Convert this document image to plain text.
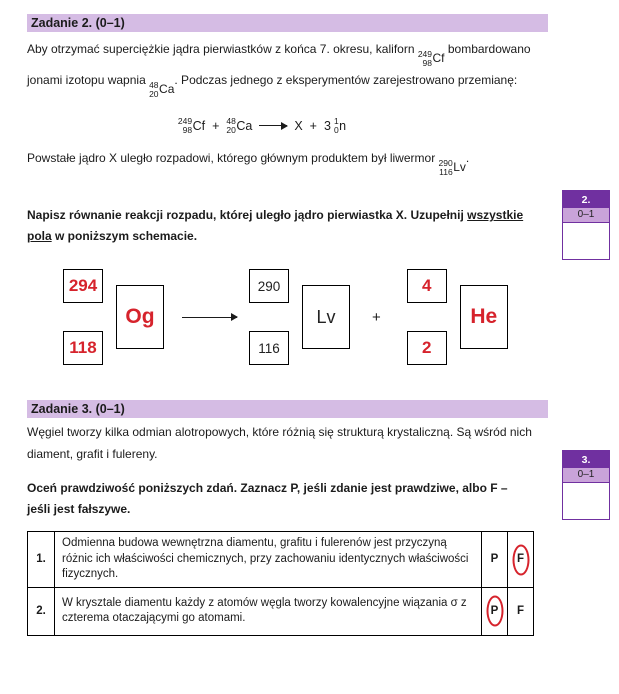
Zadanie 2. (0–1)

Aby otrzymać superciężkie jądra pierwiastków z końca 7. okresu, kaliforn 249
98 Cf
bombardowano jonami izotopu wapnia 48
20 Ca
. Podczas jednego z eksperymentów zarejestrowano przemianę:

249
98 Cf + 48
20 Ca	X + 3 1
0 n

Powstałe jądro X uległo rozpadowi, którego głównym produktem był liwermor 290
116 Lv
.

Napisz równanie reakcji rozpadu, której uległo jądro pierwiastka X. Uzupełnij wszystkie pola w poniższym schemacie.

294
118
Og
290
116
Lv +
4
2
He
Zadanie 3. (0–1)

Węgiel tworzy kilka odmian alotropowych, które różnią się strukturą krystaliczną. Są wśród nich diament, grafit i fulereny.

Oceń prawdziwość poniższych zdań. Zaznacz P, jeśli zdanie jest prawdziwe, albo F – jeśli jest fałszywe.

1.	Odmienna budowa wewnętrzna diamentu, grafitu i fulerenów jest przyczyną różnic ich właściwości chemicznych, przy zachowaniu identycznych właściwości fizycznych.	P	F

2.	W krysztale diamentu każdy z atomów węgla tworzy kowalencyjne wiązania σ z czterema otaczającymi go atomami.	P	F
2.
0–1
3.
0–1
